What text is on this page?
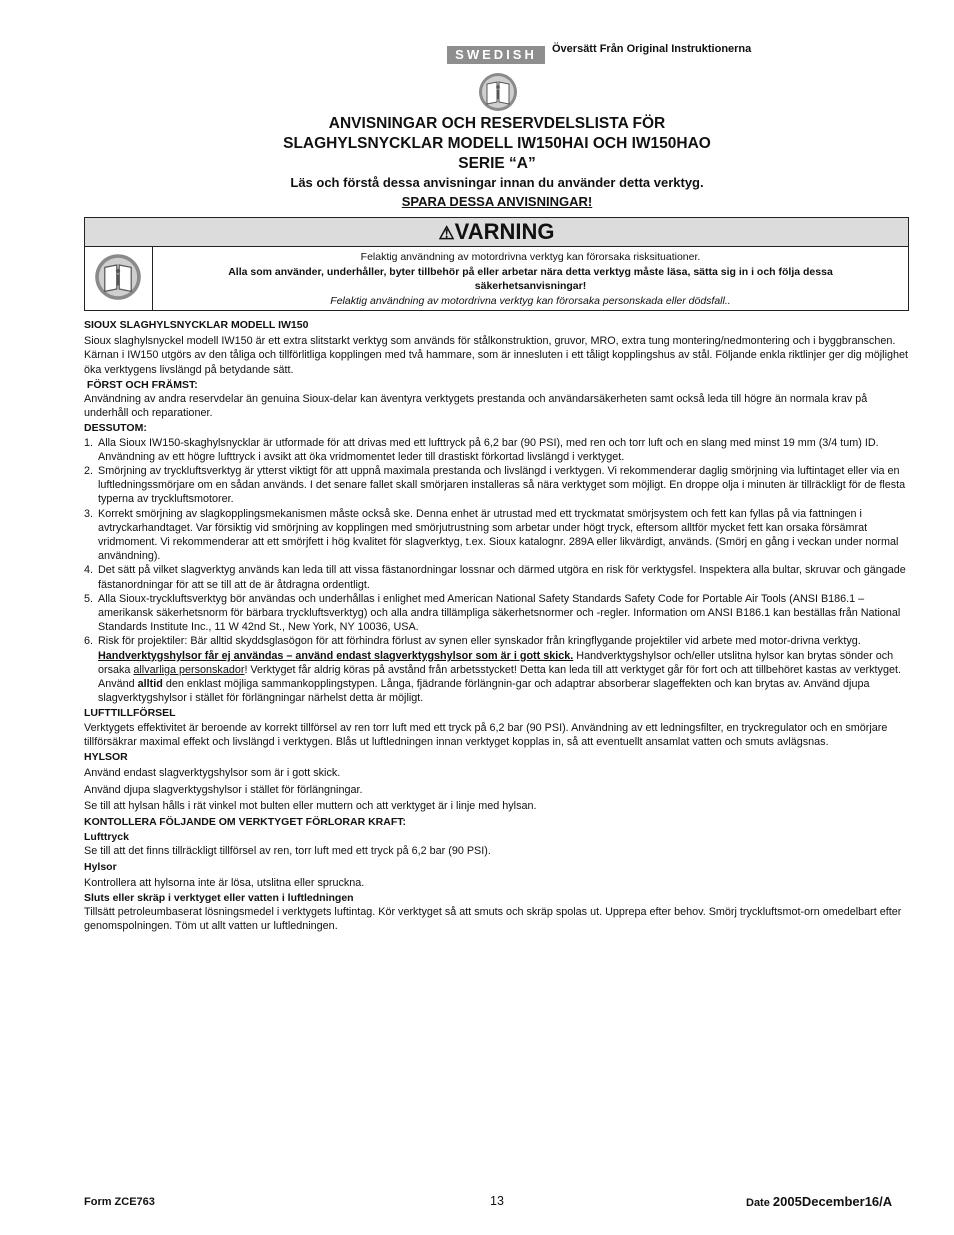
SWEDISH	Översätt Från Original Instruktionerna
ANVISNINGAR OCH RESERVDELSLISTA FÖR
SLAGHYLSNYCKLAR MODELL IW150HAI OCH IW150HAO
SERIE “A”
Läs och förstå dessa anvisningar innan du använder detta verktyg.
SPARA DESSA ANVISNINGAR!
⚠VARNING
Felaktig användning av motordrivna verktyg kan förorsaka risksituationer.
Alla som använder, underhåller, byter tillbehör på eller arbetar nära detta verktyg måste läsa, sätta sig in i och följa dessa säkerhetsanvisningar!
Felaktig användning av motordrivna verktyg kan förorsaka personskada eller dödsfall..
SIOUX SLAGHYLSNYCKLAR MODELL IW150

Sioux slaghylsnyckel modell IW150 är ett extra slitstarkt verktyg som används för stålkonstruktion, gruvor, MRO, extra tung montering/nedmontering och i byggbranschen. Kärnan i IW150 utgörs av den tåliga och tillförlitliga kopplingen med två hammare, som är innesluten i ett tåligt kopplingshus av stål. Följande enkla riktlinjer ger dig möjlighet öka verktygens livslängd på betydande sätt.

FÖRST OCH FRÄMST:

Användning av andra reservdelar än genuina Sioux-delar kan äventyra verktygets prestanda och användarsäkerheten samt också leda till högre än normala krav på underhåll och reparationer.

DESSUTOM:
1. Alla Sioux IW150-skaghylsnycklar är utformade för att drivas med ett lufttryck på 6,2 bar (90 PSI), med ren och torr luft och en slang med minst 19 mm (3/4 tum) ID. Användning av ett högre lufttryck i avsikt att öka vridmomentet leder till drastiskt förkortad livslängd i verktyget.
2. Smörjning av tryckluftsverktyg är ytterst viktigt för att uppnå maximala prestanda och livslängd i verktygen. Vi rekommenderar daglig smörjning via luftintaget eller via en luftledningssmörjare om en sådan används. I det senare fallet skall smörjaren installeras så nära verktyget som möjligt. En droppe olja i minuten är tillräckligt för de flesta typerna av tryckluftsmotorer.
3. Korrekt smörjning av slagkopplingsmekanismen måste också ske. Denna enhet är utrustad med ett tryckmatat smörjsystem och fett kan fyllas på via fattningen i avtryckarhandtaget. Var försiktig vid smörjning av kopplingen med smörjutrustning som arbetar under högt tryck, eftersom alltför mycket fett kan orsaka försämrat vridmoment. Vi rekommenderar att ett smörjfett i hög kvalitet för slagverktyg, t.ex. Sioux katalognr. 289A eller likvärdigt, används. (Smörj en gång i veckan under normal användning).
4. Det sätt på vilket slagverktyg används kan leda till att vissa fästanordningar lossnar och därmed utgöra en risk för verktygsfel. Inspektera alla bultar, skruvar och gängade fästanordningar för att se till att de är åtdragna ordentligt.
5. Alla Sioux-tryckluftsverktyg bör användas och underhållas i enlighet med American National Safety Standards Safety Code for Portable Air Tools (ANSI B186.1 – amerikansk säkerhetsnorm för bärbara tryckluftsverktyg) och alla andra tillämpliga säkerhetsnormer och -regler. Information om ANSI B186.1 kan beställas från National Standards Institute Inc., 11 W 42nd St., New York, NY 10036, USA.
6. Risk för projektiler: Bär alltid skyddsglasögon för att förhindra förlust av synen eller synskador från kringflygande projektiler vid arbete med motor-drivna verktyg. Handverktygshylsor får ej användas – använd endast slagverktygshylsor som är i gott skick. Handverktygshylsor och/eller utslitna hylsor kan brytas sönder och orsaka allvarliga personskador! Verktyget får aldrig köras på avstånd från arbetsstycket! Detta kan leda till att verktyget går för fort och att tillbehöret kastas av verktyget. Använd alltid den enklast möjliga sammankopplingstypen. Långa, fjädrande förlängnin-gar och adaptrar absorberar slageffekten och kan brytas av. Använd djupa slagverktygshylsor i stället för förlängningar närhelst detta är möjligt.
LUFTTILLFÖRSEL

Verktygets effektivitet är beroende av korrekt tillförsel av ren torr luft med ett tryck på 6,2 bar (90 PSI). Användning av ett ledningsfilter, en tryckregulator och en smörjare tillförsäkrar maximal effekt och livslängd i verktygen. Blås ut luftledningen innan verktyget kopplas in, så att eventuellt ansamlat vatten och smuts avlägsnas.

HYLSOR

Använd endast slagverktygshylsor som är i gott skick.

Använd djupa slagverktygshylsor i stället för förlängningar.

Se till att hylsan hålls i rät vinkel mot bulten eller muttern och att verktyget är i linje med hylsan.

KONTOLLERA FÖLJANDE OM VERKTYGET FÖRLORAR KRAFT:
Lufttryck

Se till att det finns tillräckligt tillförsel av ren, torr luft med ett tryck på 6,2 bar (90 PSI).

Hylsor

Kontrollera att hylsorna inte är lösa, utslitna eller spruckna.

Sluts eller skräp i verktyget eller vatten i luftledningen

Tillsätt petroleumbaserat lösningsmedel i verktygets luftintag. Kör verktyget så att smuts och skräp spolas ut. Upprepa efter behov. Smörj tryckluftsmot-orn omedelbart efter genomspolningen. Töm ut allt vatten ur luftledningen.

Form ZCE763	13	Date 2005December16/A
